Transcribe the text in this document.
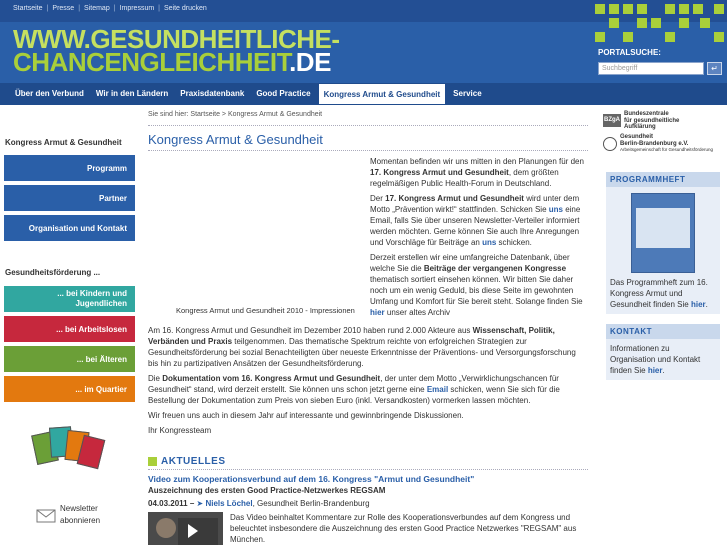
Startseite | Presse | Sitemap | Impressum | Seite drucken
WWW.GESUNDHEITLICHE-
CHANCENGLEICHHEIT.DE	PORTALSUCHE:
Suchbegriff	↵
Über den Verbund	Wir in den Ländern	Praxisdatenbank	Good Practice	Kongress Armut & Gesundheit	Service
Kongress Armut & Gesundheit
Programm
Partner
Organisation und Kontakt
Gesundheitsförderung ...
... bei Kindern und Jugendlichen
... bei Arbeitslosen
... bei Älteren
... im Quartier
Newsletter
abonnieren
Sie sind hier: Startseite > Kongress Armut & Gesundheit
Kongress Armut & Gesundheit
Kongress Armut und Gesundheit 2010 - Impressionen

Momentan befinden wir uns mitten in den Planungen für den 17. Kongress Armut und Gesundheit, dem größten regelmäßigen Public Health-Forum in Deutschland.

Der 17. Kongress Armut und Gesundheit wird unter dem Motto „Prävention wirkt!“ stattfinden. Schicken Sie uns eine Email, falls Sie über unseren Newsletter-Verteiler informiert werden möchten. Gerne können Sie auch Ihre Anregungen und Vorschläge für Beiträge an uns schicken.

Derzeit erstellen wir eine umfangreiche Datenbank, über welche Sie die Beiträge der vergangenen Kongresse thematisch sortiert einsehen können. Wir bitten Sie daher noch um ein wenig Geduld, bis diese Seite im gewohnten Umfang und Komfort für Sie bereit steht. Solange finden Sie hier unser altes Archiv

Am 16. Kongress Armut und Gesundheit im Dezember 2010 haben rund 2.000 Akteure aus Wissenschaft, Politik, Verbänden und Praxis teilgenommen. Das thematische Spektrum reichte von erfolgreichen Strategien zur Gesundheitsförderung bei sozial Benachteiligten über neueste Erkenntnisse der Präventions- und Versorgungsforschung bis hin zu partizipativen Ansätzen der Gesundheitsförderung.

Die Dokumentation vom 16. Kongress Armut und Gesundheit, der unter dem Motto „Verwirklichungschancen für Gesundheit“ stand, wird derzeit erstellt. Sie können uns schon jetzt gerne eine Email schicken, wenn Sie sich für die Bestellung der Dokumentation zum Preis von sieben Euro (inkl. Versandkosten) vormerken lassen möchten.

Wir freuen uns auch in diesem Jahr auf interessante und gewinnbringende Diskussionen.

Ihr Kongressteam

AKTUELLES
Video zum Kooperationsverbund auf dem 16. Kongress "Armut und Gesundheit"
Auszeichnung des ersten Good Practice-Netzwerkes REGSAM
04.03.2011 – ➤ Niels Löchel, Gesundheit Berlin-Brandenburg
Das Video beinhaltet Kommentare zur Rolle des Kooperationsverbundes auf dem Kongress und beleuchtet insbesondere die Auszeichnung des ersten Good Practice Netzwerkes "REGSAM" aus München.
BZgA
Bundeszentrale
für gesundheitliche
Aufklärung
Gesundheit
Berlin-Brandenburg e.V.
Arbeitsgemeinschaft für Gesundheitsförderung
PROGRAMMHEFT
Das Programmheft zum 16. Kongress Armut und Gesundheit finden Sie hier.
KONTAKT
Informationen zu Organisation und Kontakt finden Sie hier.
